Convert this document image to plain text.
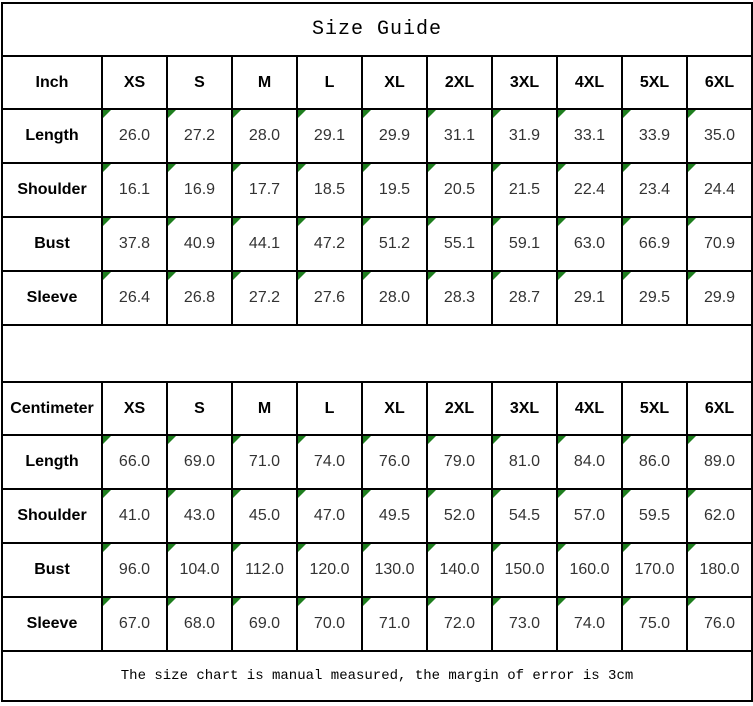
Size Guide										
Inch	XS	S	M	L	XL	2XL	3XL	4XL	5XL	6XL
Length	26.0	27.2	28.0	29.1	29.9	31.1	31.9	33.1	33.9	35.0
Shoulder	16.1	16.9	17.7	18.5	19.5	20.5	21.5	22.4	23.4	24.4
Bust	37.8	40.9	44.1	47.2	51.2	55.1	59.1	63.0	66.9	70.9
Sleeve	26.4	26.8	27.2	27.6	28.0	28.3	28.7	29.1	29.5	29.9

Centimeter	XS	S	M	L	XL	2XL	3XL	4XL	5XL	6XL
Length	66.0	69.0	71.0	74.0	76.0	79.0	81.0	84.0	86.0	89.0
Shoulder	41.0	43.0	45.0	47.0	49.5	52.0	54.5	57.0	59.5	62.0
Bust	96.0	104.0	112.0	120.0	130.0	140.0	150.0	160.0	170.0	180.0
Sleeve	67.0	68.0	69.0	70.0	71.0	72.0	73.0	74.0	75.0	76.0
The size chart is manual measured, the margin of error is 3cm										
